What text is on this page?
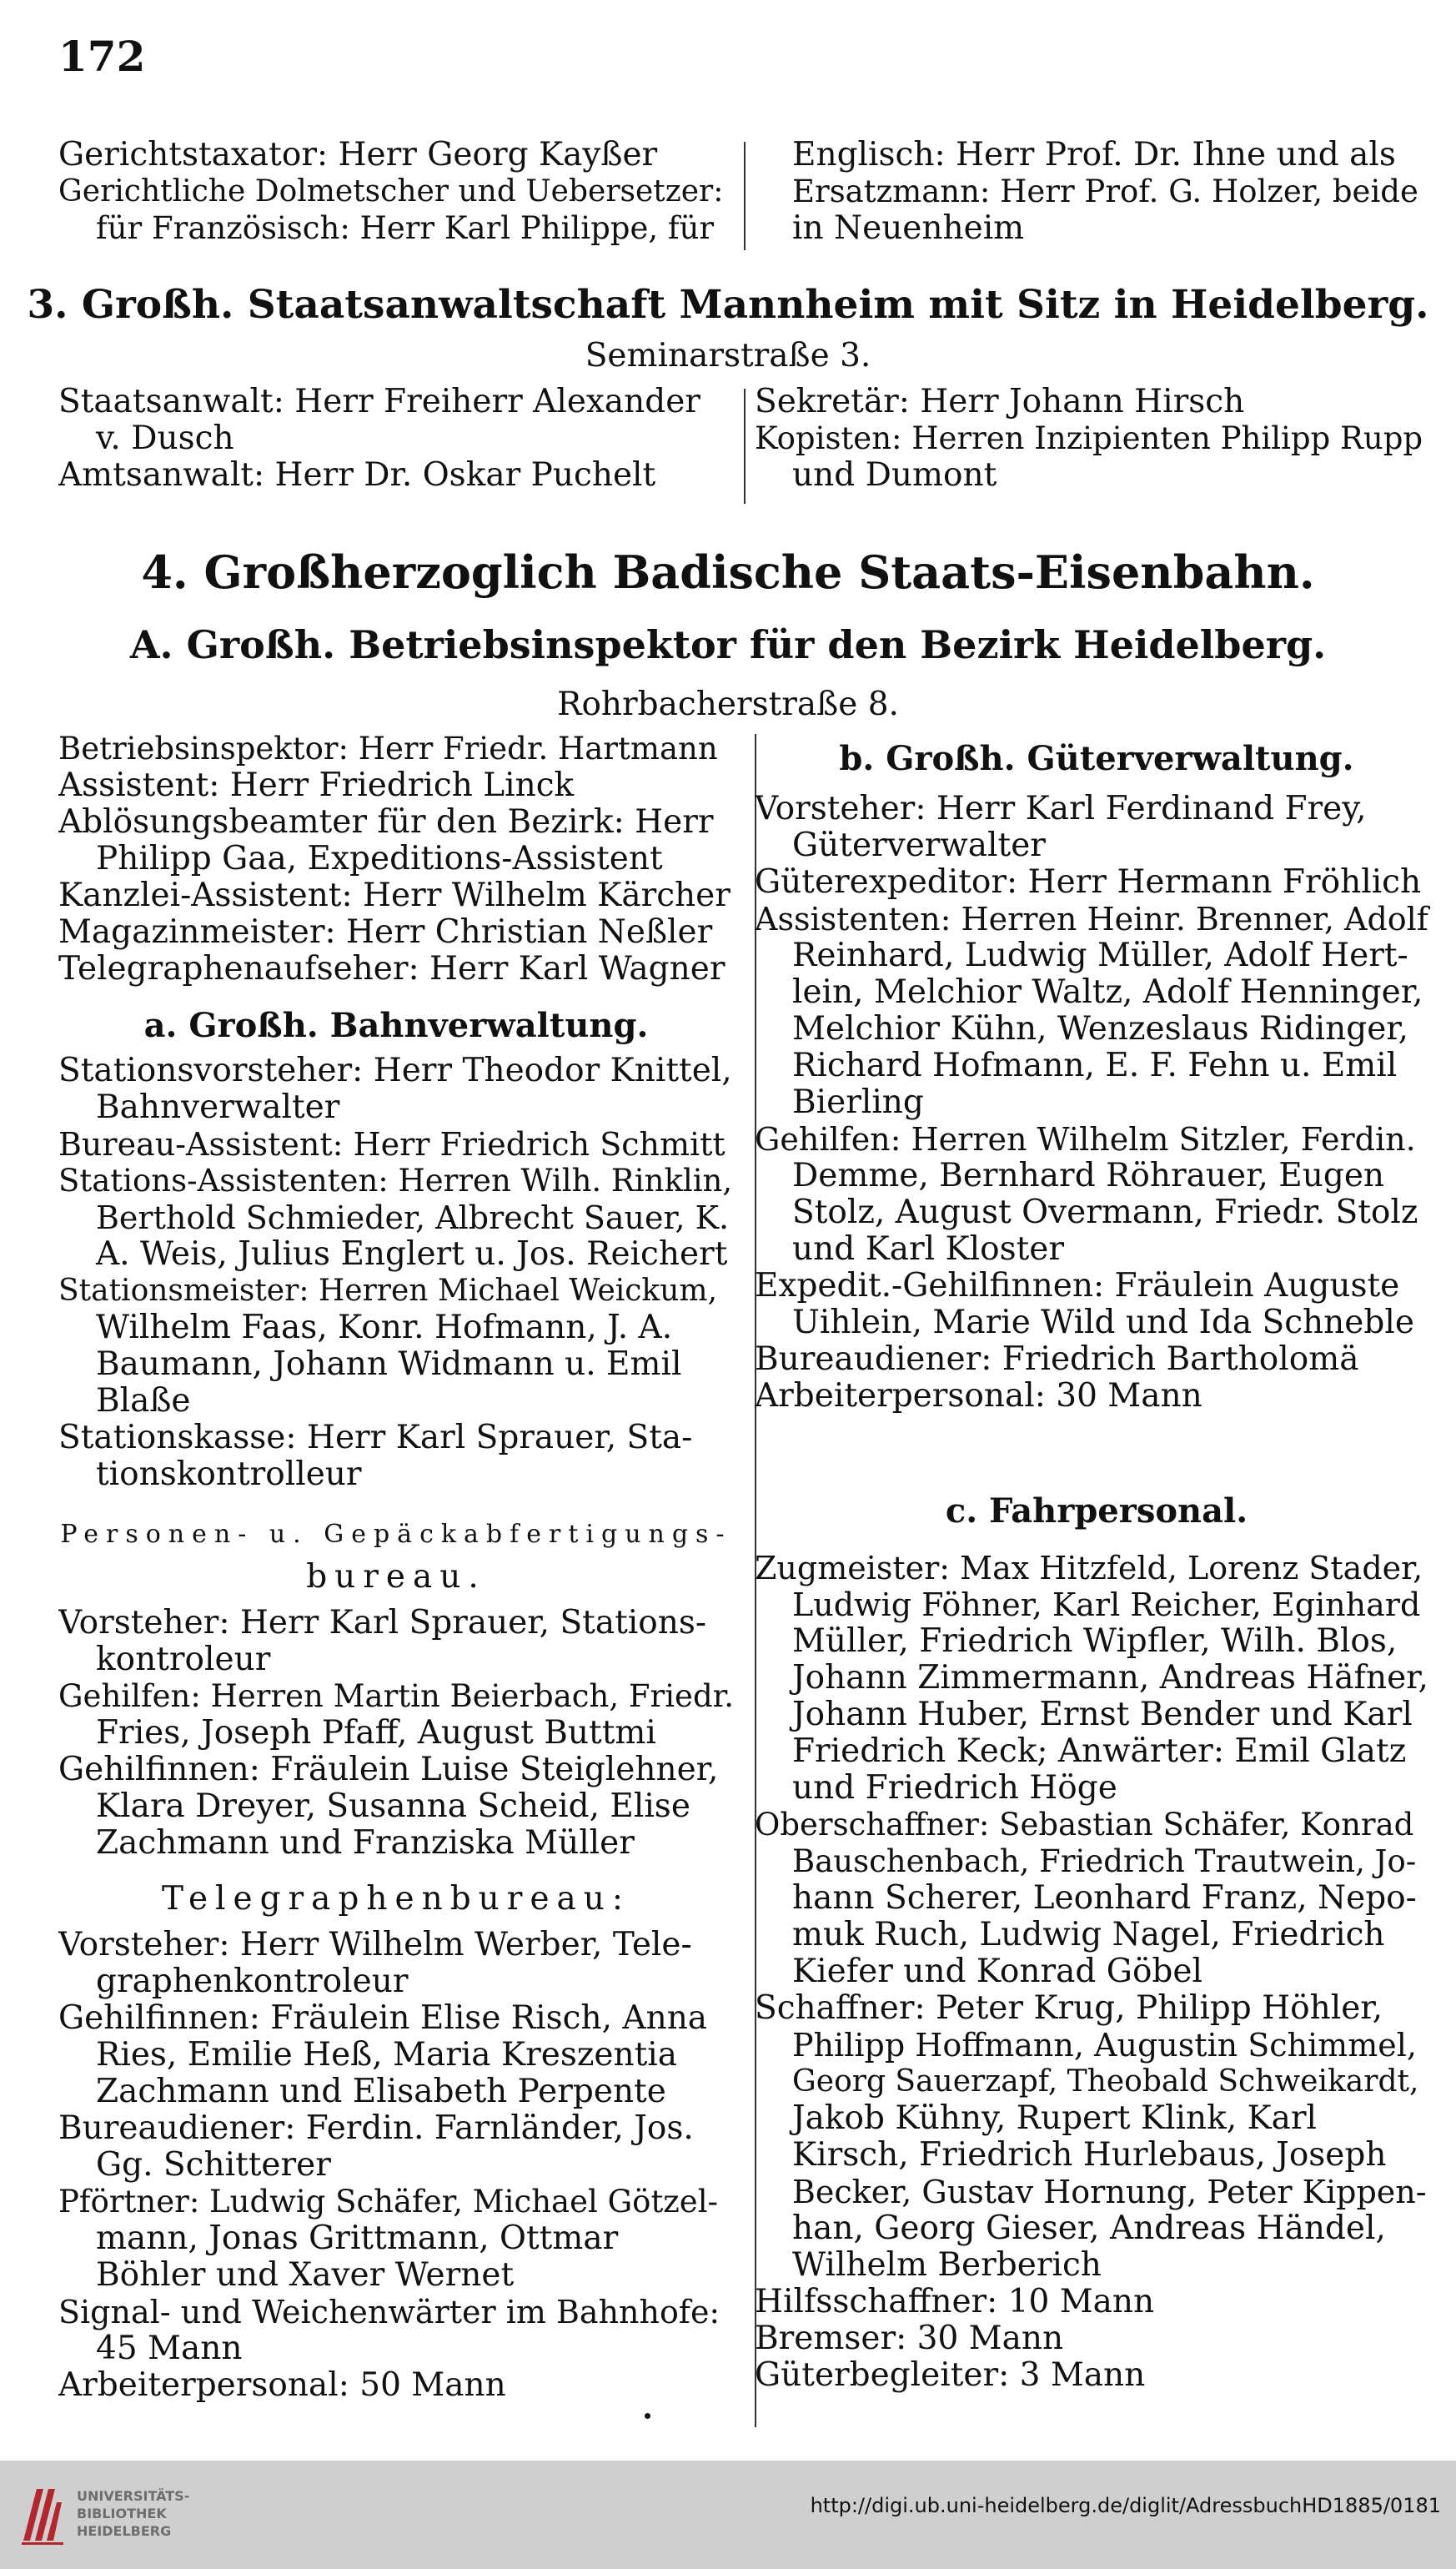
172
Gerichtstaxator: Herr Georg Kayßer
Gerichtliche Dolmetscher und Uebersetzer:
für Französisch: Herr Karl Philippe, für
Englisch: Herr Prof. Dr. Ihne und als
Ersatzmann: Herr Prof. G. Holzer, beide
in Neuenheim
3. Großh. Staatsanwaltschaft Mannheim mit Sitz in Heidelberg.
Seminarstraße 3.
Staatsanwalt: Herr Freiherr Alexander
v. Dusch
Amtsanwalt: Herr Dr. Oskar Puchelt
Sekretär: Herr Johann Hirsch
Kopisten: Herren Inzipienten Philipp Rupp
und Dumont
4. Großherzoglich Badische Staats-Eisenbahn.
A. Großh. Betriebsinspektor für den Bezirk Heidelberg.
Rohrbacherstraße 8.
Betriebsinspektor: Herr Friedr. Hartmann
Assistent: Herr Friedrich Linck
Ablösungsbeamter für den Bezirk: Herr
Philipp Gaa, Expeditions-Assistent
Kanzlei-Assistent: Herr Wilhelm Kärcher
Magazinmeister: Herr Christian Neßler
Telegraphenaufseher: Herr Karl Wagner
a. Großh. Bahnverwaltung.
Stationsvorsteher: Herr Theodor Knittel,
Bahnverwalter
Bureau-Assistent: Herr Friedrich Schmitt
Stations-Assistenten: Herren Wilh. Rinklin,
Berthold Schmieder, Albrecht Sauer, K.
A. Weis, Julius Englert u. Jos. Reichert
Stationsmeister: Herren Michael Weickum,
Wilhelm Faas, Konr. Hofmann, J. A.
Baumann, Johann Widmann u. Emil
Blaße
Stationskasse: Herr Karl Sprauer, Sta-
tionskontrolleur
Personen- u. Gepäckabfertigungs-
bureau.
Vorsteher: Herr Karl Sprauer, Stations-
kontroleur
Gehilfen: Herren Martin Beierbach, Friedr.
Fries, Joseph Pfaff, August Buttmi
Gehilfinnen: Fräulein Luise Steiglehner,
Klara Dreyer, Susanna Scheid, Elise
Zachmann und Franziska Müller
Telegraphenbureau:
Vorsteher: Herr Wilhelm Werber, Tele-
graphenkontroleur
Gehilfinnen: Fräulein Elise Risch, Anna
Ries, Emilie Heß, Maria Kreszentia
Zachmann und Elisabeth Perpente
Bureaudiener: Ferdin. Farnländer, Jos.
Gg. Schitterer
Pförtner: Ludwig Schäfer, Michael Götzel-
mann, Jonas Grittmann, Ottmar
Böhler und Xaver Wernet
Signal- und Weichenwärter im Bahnhofe:
45 Mann
Arbeiterpersonal: 50 Mann
b. Großh. Güterverwaltung.
Vorsteher: Herr Karl Ferdinand Frey,
Güterverwalter
Güterexpeditor: Herr Hermann Fröhlich
Assistenten: Herren Heinr. Brenner, Adolf
Reinhard, Ludwig Müller, Adolf Hert-
lein, Melchior Waltz, Adolf Henninger,
Melchior Kühn, Wenzeslaus Ridinger,
Richard Hofmann, E. F. Fehn u. Emil
Bierling
Gehilfen: Herren Wilhelm Sitzler, Ferdin.
Demme, Bernhard Röhrauer, Eugen
Stolz, August Overmann, Friedr. Stolz
und Karl Kloster
Expedit.-Gehilfinnen: Fräulein Auguste
Uihlein, Marie Wild und Ida Schneble
Bureaudiener: Friedrich Bartholomä
Arbeiterpersonal: 30 Mann
c. Fahrpersonal.
Zugmeister: Max Hitzfeld, Lorenz Stader,
Ludwig Föhner, Karl Reicher, Eginhard
Müller, Friedrich Wipfler, Wilh. Blos,
Johann Zimmermann, Andreas Häfner,
Johann Huber, Ernst Bender und Karl
Friedrich Keck; Anwärter: Emil Glatz
und Friedrich Höge
Oberschaffner: Sebastian Schäfer, Konrad
Bauschenbach, Friedrich Trautwein, Jo-
hann Scherer, Leonhard Franz, Nepo-
muk Ruch, Ludwig Nagel, Friedrich
Kiefer und Konrad Göbel
Schaffner: Peter Krug, Philipp Höhler,
Philipp Hoffmann, Augustin Schimmel,
Georg Sauerzapf, Theobald Schweikardt,
Jakob Kühny, Rupert Klink, Karl
Kirsch, Friedrich Hurlebaus, Joseph
Becker, Gustav Hornung, Peter Kippen-
han, Georg Gieser, Andreas Händel,
Wilhelm Berberich
Hilfsschaffner: 10 Mann
Bremser: 30 Mann
Güterbegleiter: 3 Mann
UNIVERSITÄTS-
BIBLIOTHEK
HEIDELBERG
http://digi.ub.uni-heidelberg.de/diglit/AdressbuchHD1885/0181
